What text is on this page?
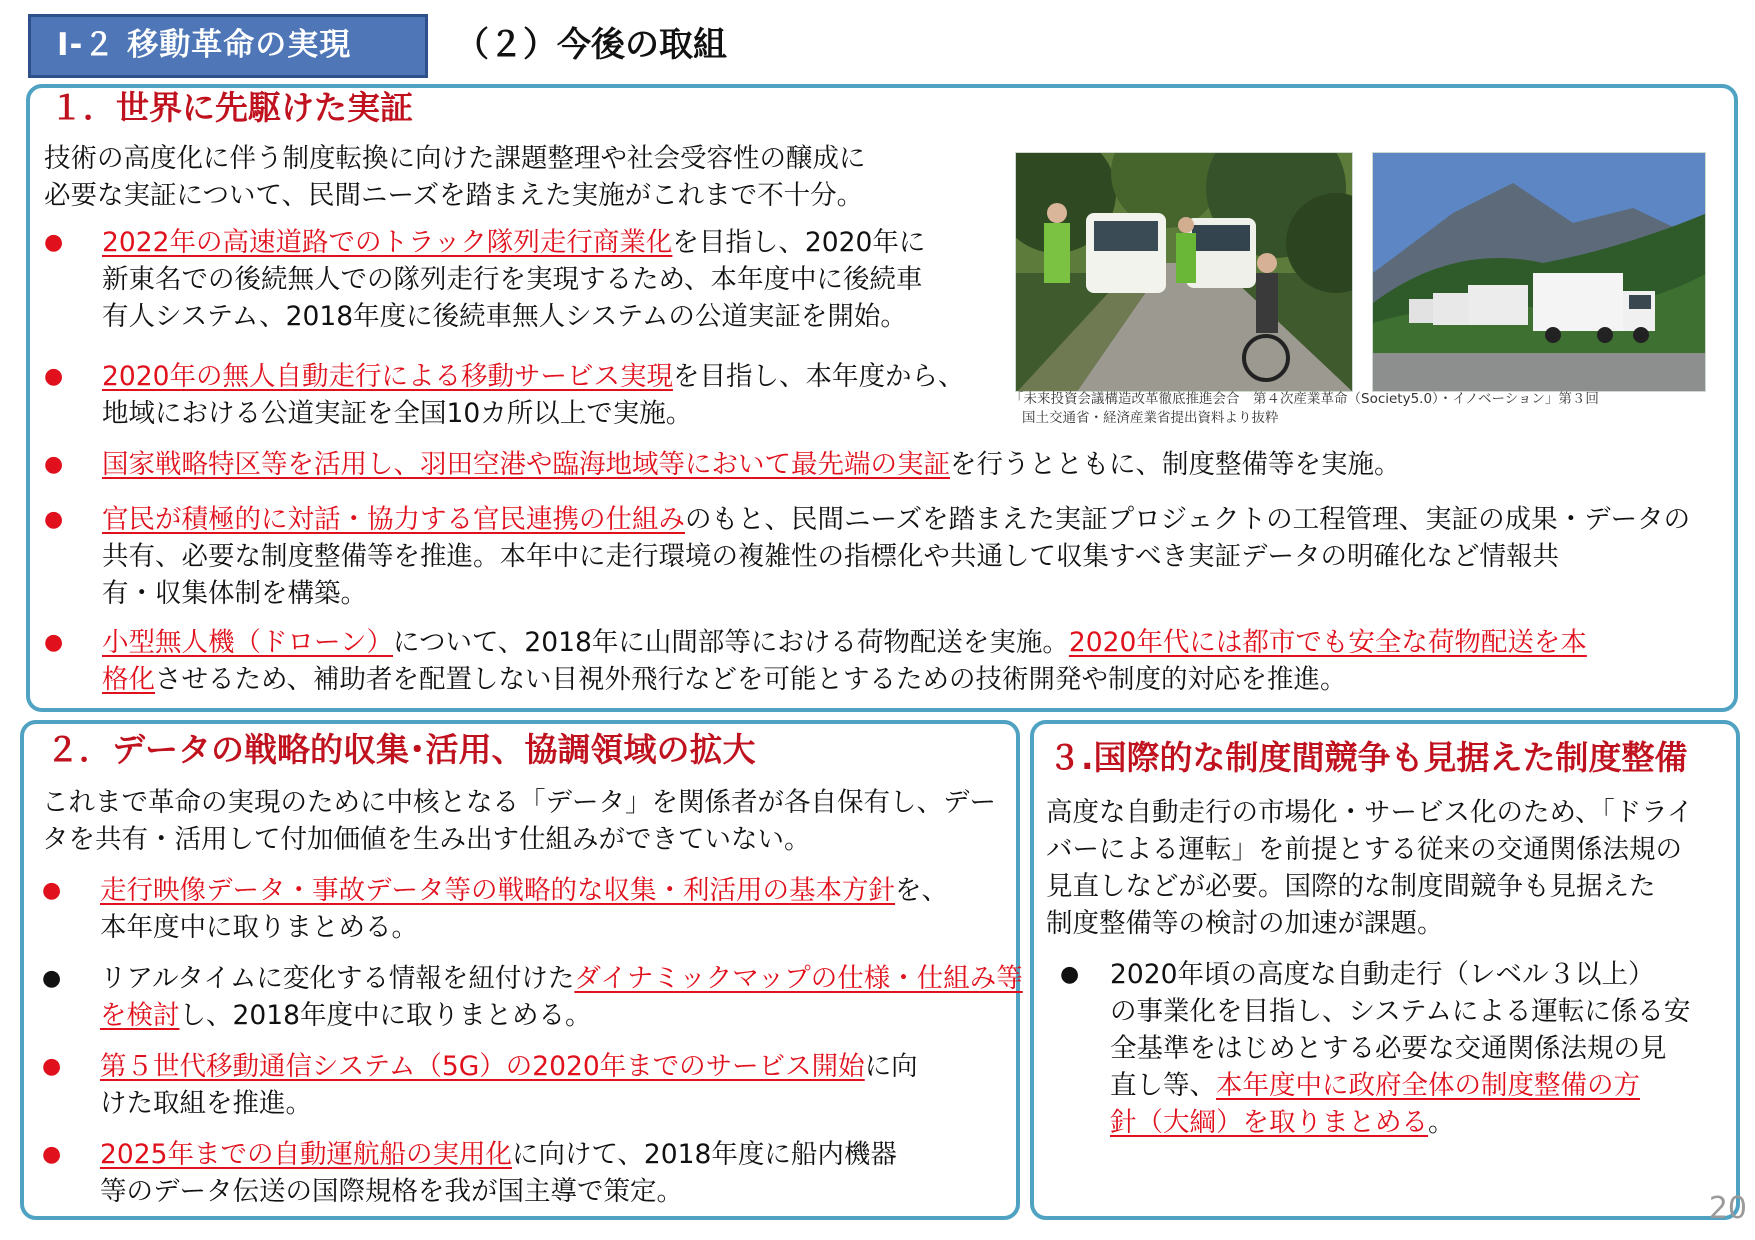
Ⅰ-２ 移動革命の実現	（２）今後の取組
１．世界に先駆けた実証
技術の高度化に伴う制度転換に向けた課題整理や社会受容性の醸成に
必要な実証について、民間ニーズを踏まえた実施がこれまで不十分。
● 2022年の高速道路でのトラック隊列走行商業化を目指し、2020年に
新東名での後続無人での隊列走行を実現するため、本年度中に後続車
有人システム、2018年度に後続車無人システムの公道実証を開始。
● 2020年の無人自動走行による移動サービス実現を目指し、本年度から、
地域における公道実証を全国10カ所以上で実施。
● 国家戦略特区等を活用し、羽田空港や臨海地域等において最先端の実証を行うとともに、制度整備等を実施。
● 官民が積極的に対話・協力する官民連携の仕組みのもと、民間ニーズを踏まえた実証プロジェクトの工程管理、実証の成果・データの
共有、必要な制度整備等を推進。本年中に走行環境の複雑性の指標化や共通して収集すべき実証データの明確化など情報共
有・収集体制を構築。
● 小型無人機（ドローン）について、2018年に山間部等における荷物配送を実施。2020年代には都市でも安全な荷物配送を本
格化させるため、補助者を配置しない目視外飛行などを可能とするための技術開発や制度的対応を推進。
「未来投資会議構造改革徹底推進会合　第４次産業革命（Society5.0）・イノベーション」第３回
国土交通省・経済産業省提出資料より抜粋
２．データの戦略的収集･活用、協調領域の拡大
これまで革命の実現のために中核となる「データ」を関係者が各自保有し、デー
タを共有・活用して付加価値を生み出す仕組みができていない。
● 走行映像データ・事故データ等の戦略的な収集・利活用の基本方針を、
本年度中に取りまとめる。
● リアルタイムに変化する情報を紐付けたダイナミックマップの仕様・仕組み等
を検討し、2018年度中に取りまとめる。
● 第５世代移動通信システム（5G）の2020年までのサービス開始に向
けた取組を推進。
● 2025年までの自動運航船の実用化に向けて、2018年度に船内機器
等のデータ伝送の国際規格を我が国主導で策定。
３.国際的な制度間競争も見据えた制度整備
高度な自動走行の市場化・サービス化のため、「ドライ
バーによる運転」を前提とする従来の交通関係法規の
見直しなどが必要。国際的な制度間競争も見据えた
制度整備等の検討の加速が課題。
● 2020年頃の高度な自動走行（レベル３以上）
の事業化を目指し、システムによる運転に係る安
全基準をはじめとする必要な交通関係法規の見
直し等、本年度中に政府全体の制度整備の方
針（大綱）を取りまとめる。
20
